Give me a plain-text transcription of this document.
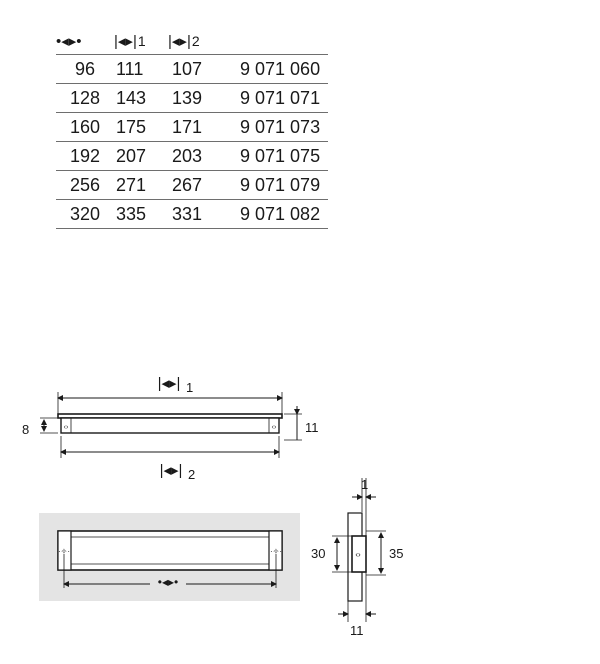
•◂▸•	|◂▸|1	|◂▸|2	
96	111	107	9 071 060
128	143	139	9 071 071
160	175	171	9 071 073
192	207	203	9 071 075
256	271	267	9 071 079
320	335	331	9 071 082
|◂▸| 1
‹›	‹›
8	11
|◂▸| 2
·✧·	·✧·
•◂▸•
‹›
1
30	35
11
